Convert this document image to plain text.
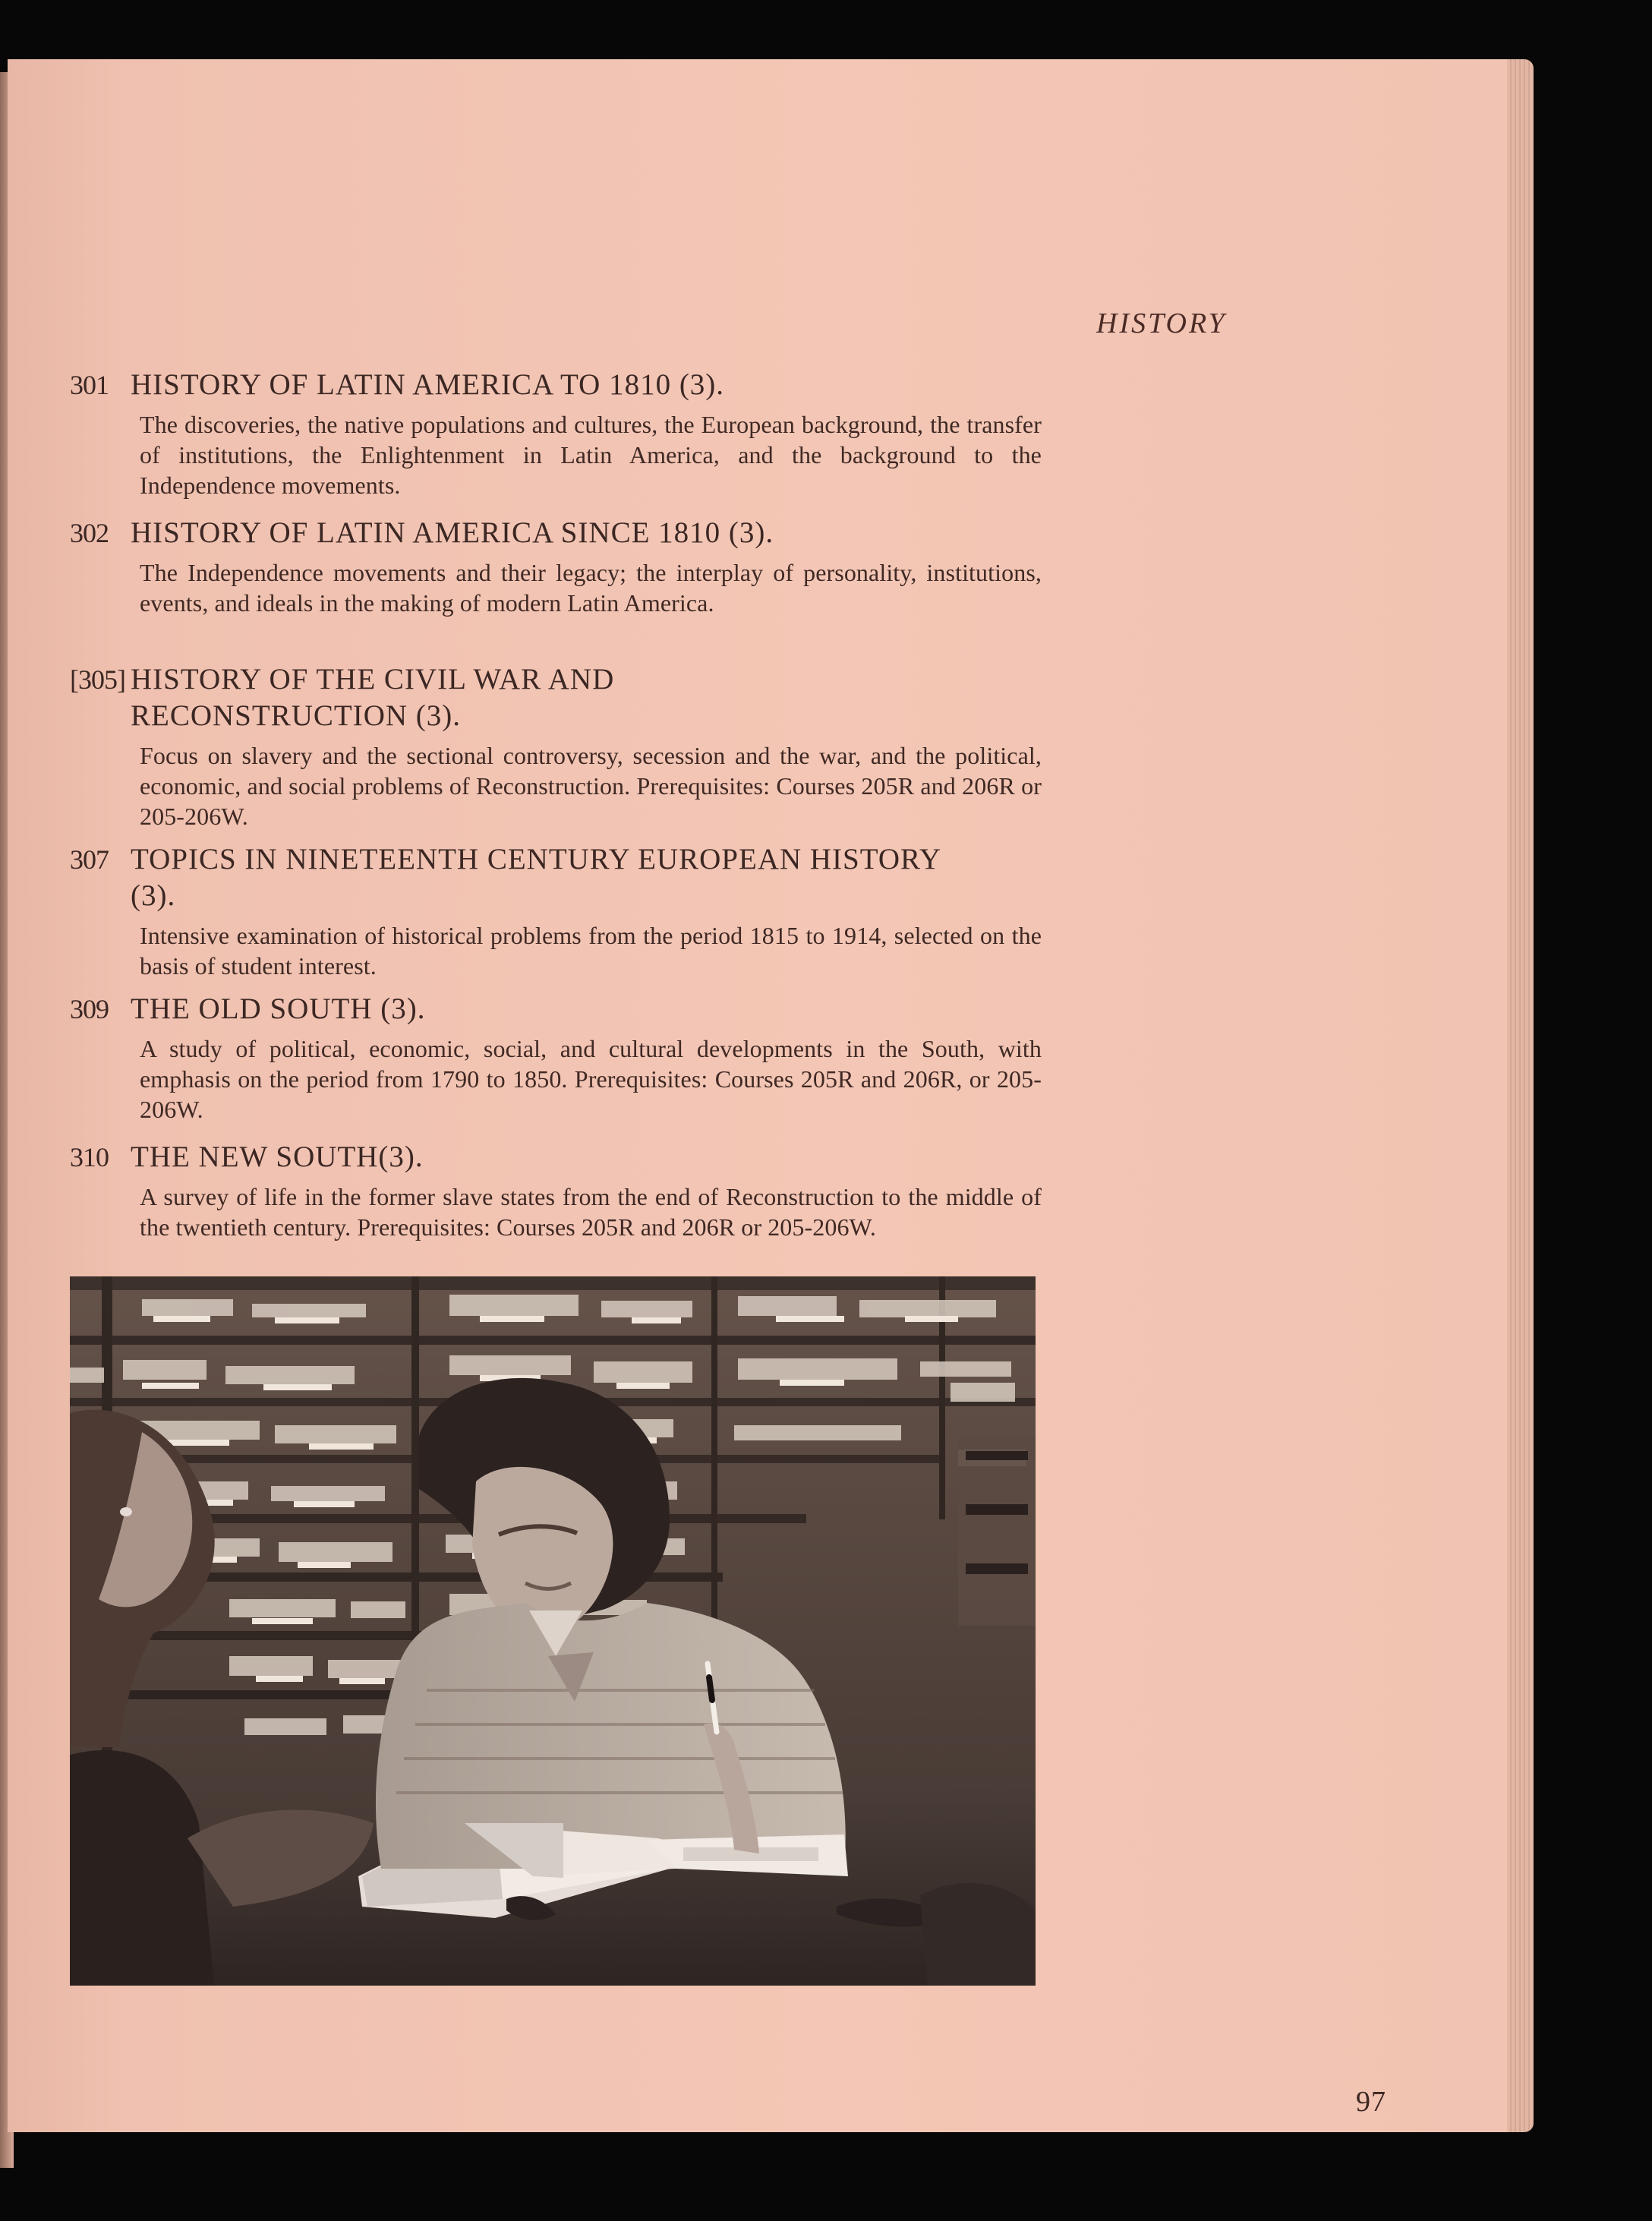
HISTORY
301 HISTORY OF LATIN AMERICA TO 1810 (3).
The discoveries, the native populations and cultures, the European background, the transfer of institutions, the Enlightenment in Latin America, and the background to the Independence movements.
302 HISTORY OF LATIN AMERICA SINCE 1810 (3).
The Independence movements and their legacy; the interplay of personality, institutions, events, and ideals in the making of modern Latin America.
[305] HISTORY OF THE CIVIL WAR AND RECONSTRUCTION (3).
Focus on slavery and the sectional controversy, secession and the war, and the political, economic, and social problems of Reconstruction. Prerequisites: Courses 205R and 206R or 205-206W.
307 TOPICS IN NINETEENTH CENTURY EUROPEAN HISTORY (3).
Intensive examination of historical problems from the period 1815 to 1914, selected on the basis of student interest.
309 THE OLD SOUTH (3).
A study of political, economic, social, and cultural developments in the South, with emphasis on the period from 1790 to 1850. Prerequisites: Courses 205R and 206R, or 205-206W.
310 THE NEW SOUTH(3).
A survey of life in the former slave states from the end of Reconstruction to the middle of the twentieth century. Prerequisites: Courses 205R and 206R or 205-206W.
97
